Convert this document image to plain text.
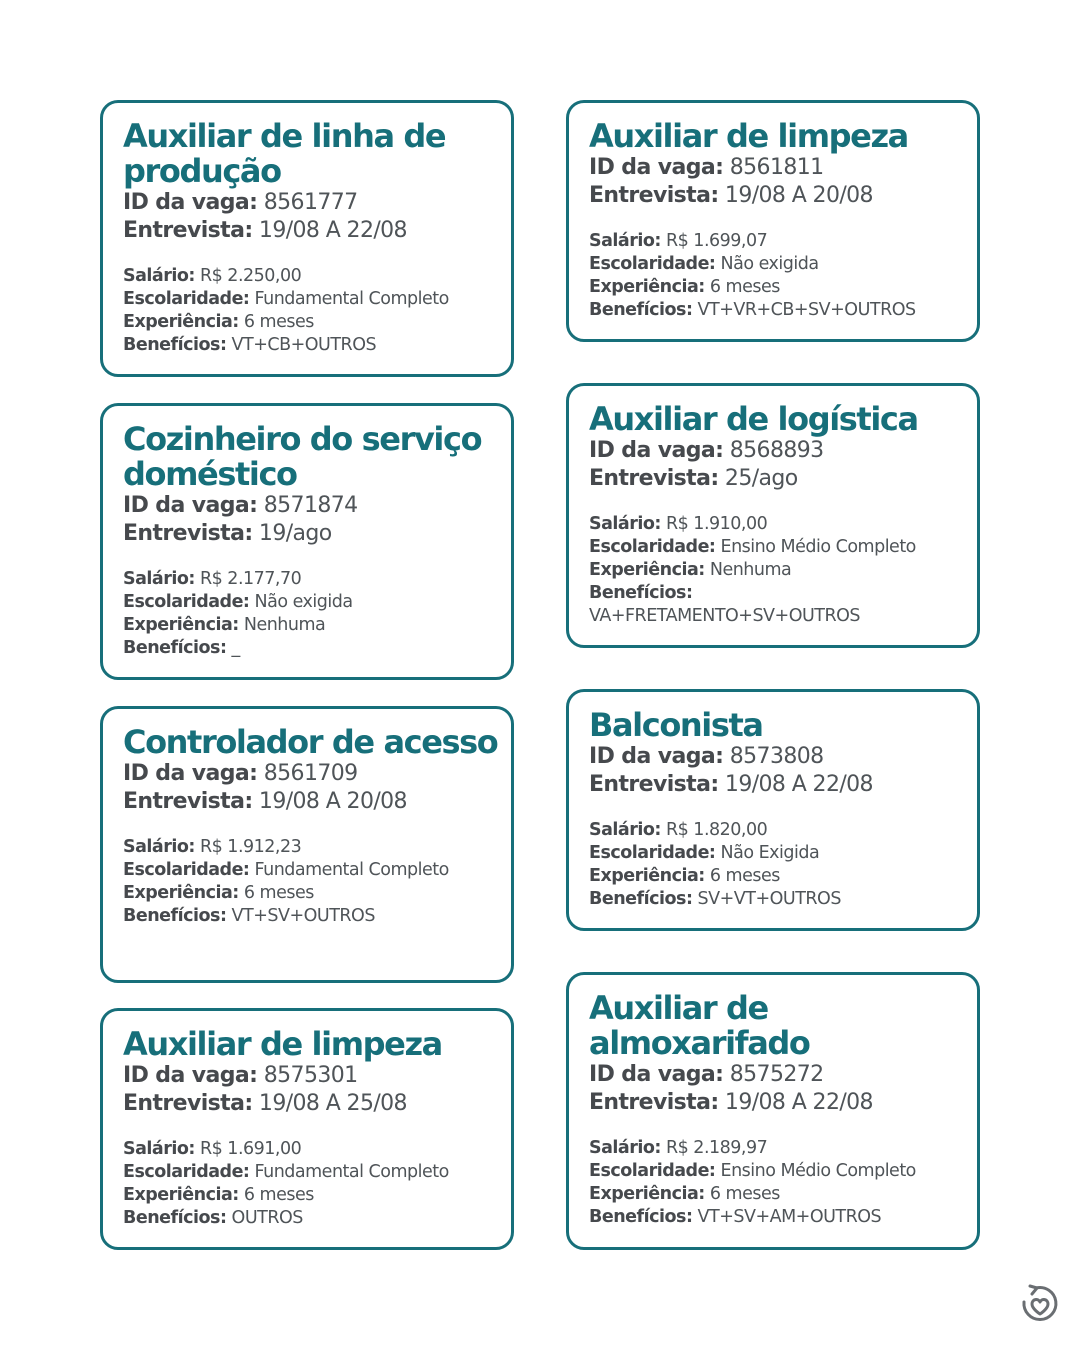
Auxiliar de linha de produção
ID da vaga: 8561777
Entrevista: 19/08 A 22/08
Salário: R$ 2.250,00
Escolaridade: Fundamental Completo
Experiência: 6 meses
Benefícios: VT+CB+OUTROS
Cozinheiro do serviço doméstico
ID da vaga: 8571874
Entrevista: 19/ago
Salário: R$ 2.177,70
Escolaridade: Não exigida
Experiência: Nenhuma
Benefícios: _
Controlador de acesso
ID da vaga: 8561709
Entrevista: 19/08 A 20/08
Salário: R$ 1.912,23
Escolaridade: Fundamental Completo
Experiência: 6 meses
Benefícios: VT+SV+OUTROS
Auxiliar de limpeza
ID da vaga: 8575301
Entrevista: 19/08 A 25/08
Salário: R$ 1.691,00
Escolaridade: Fundamental Completo
Experiência: 6 meses
Benefícios: OUTROS
Auxiliar de limpeza
ID da vaga: 8561811
Entrevista: 19/08 A 20/08
Salário: R$ 1.699,07
Escolaridade: Não exigida
Experiência: 6 meses
Benefícios: VT+VR+CB+SV+OUTROS
Auxiliar de logística
ID da vaga: 8568893
Entrevista: 25/ago
Salário: R$ 1.910,00
Escolaridade: Ensino Médio Completo
Experiência: Nenhuma
Benefícios:
VA+FRETAMENTO+SV+OUTROS
Balconista
ID da vaga: 8573808
Entrevista: 19/08 A 22/08
Salário: R$ 1.820,00
Escolaridade: Não Exigida
Experiência: 6 meses
Benefícios: SV+VT+OUTROS
Auxiliar de almoxarifado
ID da vaga: 8575272
Entrevista: 19/08 A 22/08
Salário: R$ 2.189,97
Escolaridade: Ensino Médio Completo
Experiência: 6 meses
Benefícios: VT+SV+AM+OUTROS
